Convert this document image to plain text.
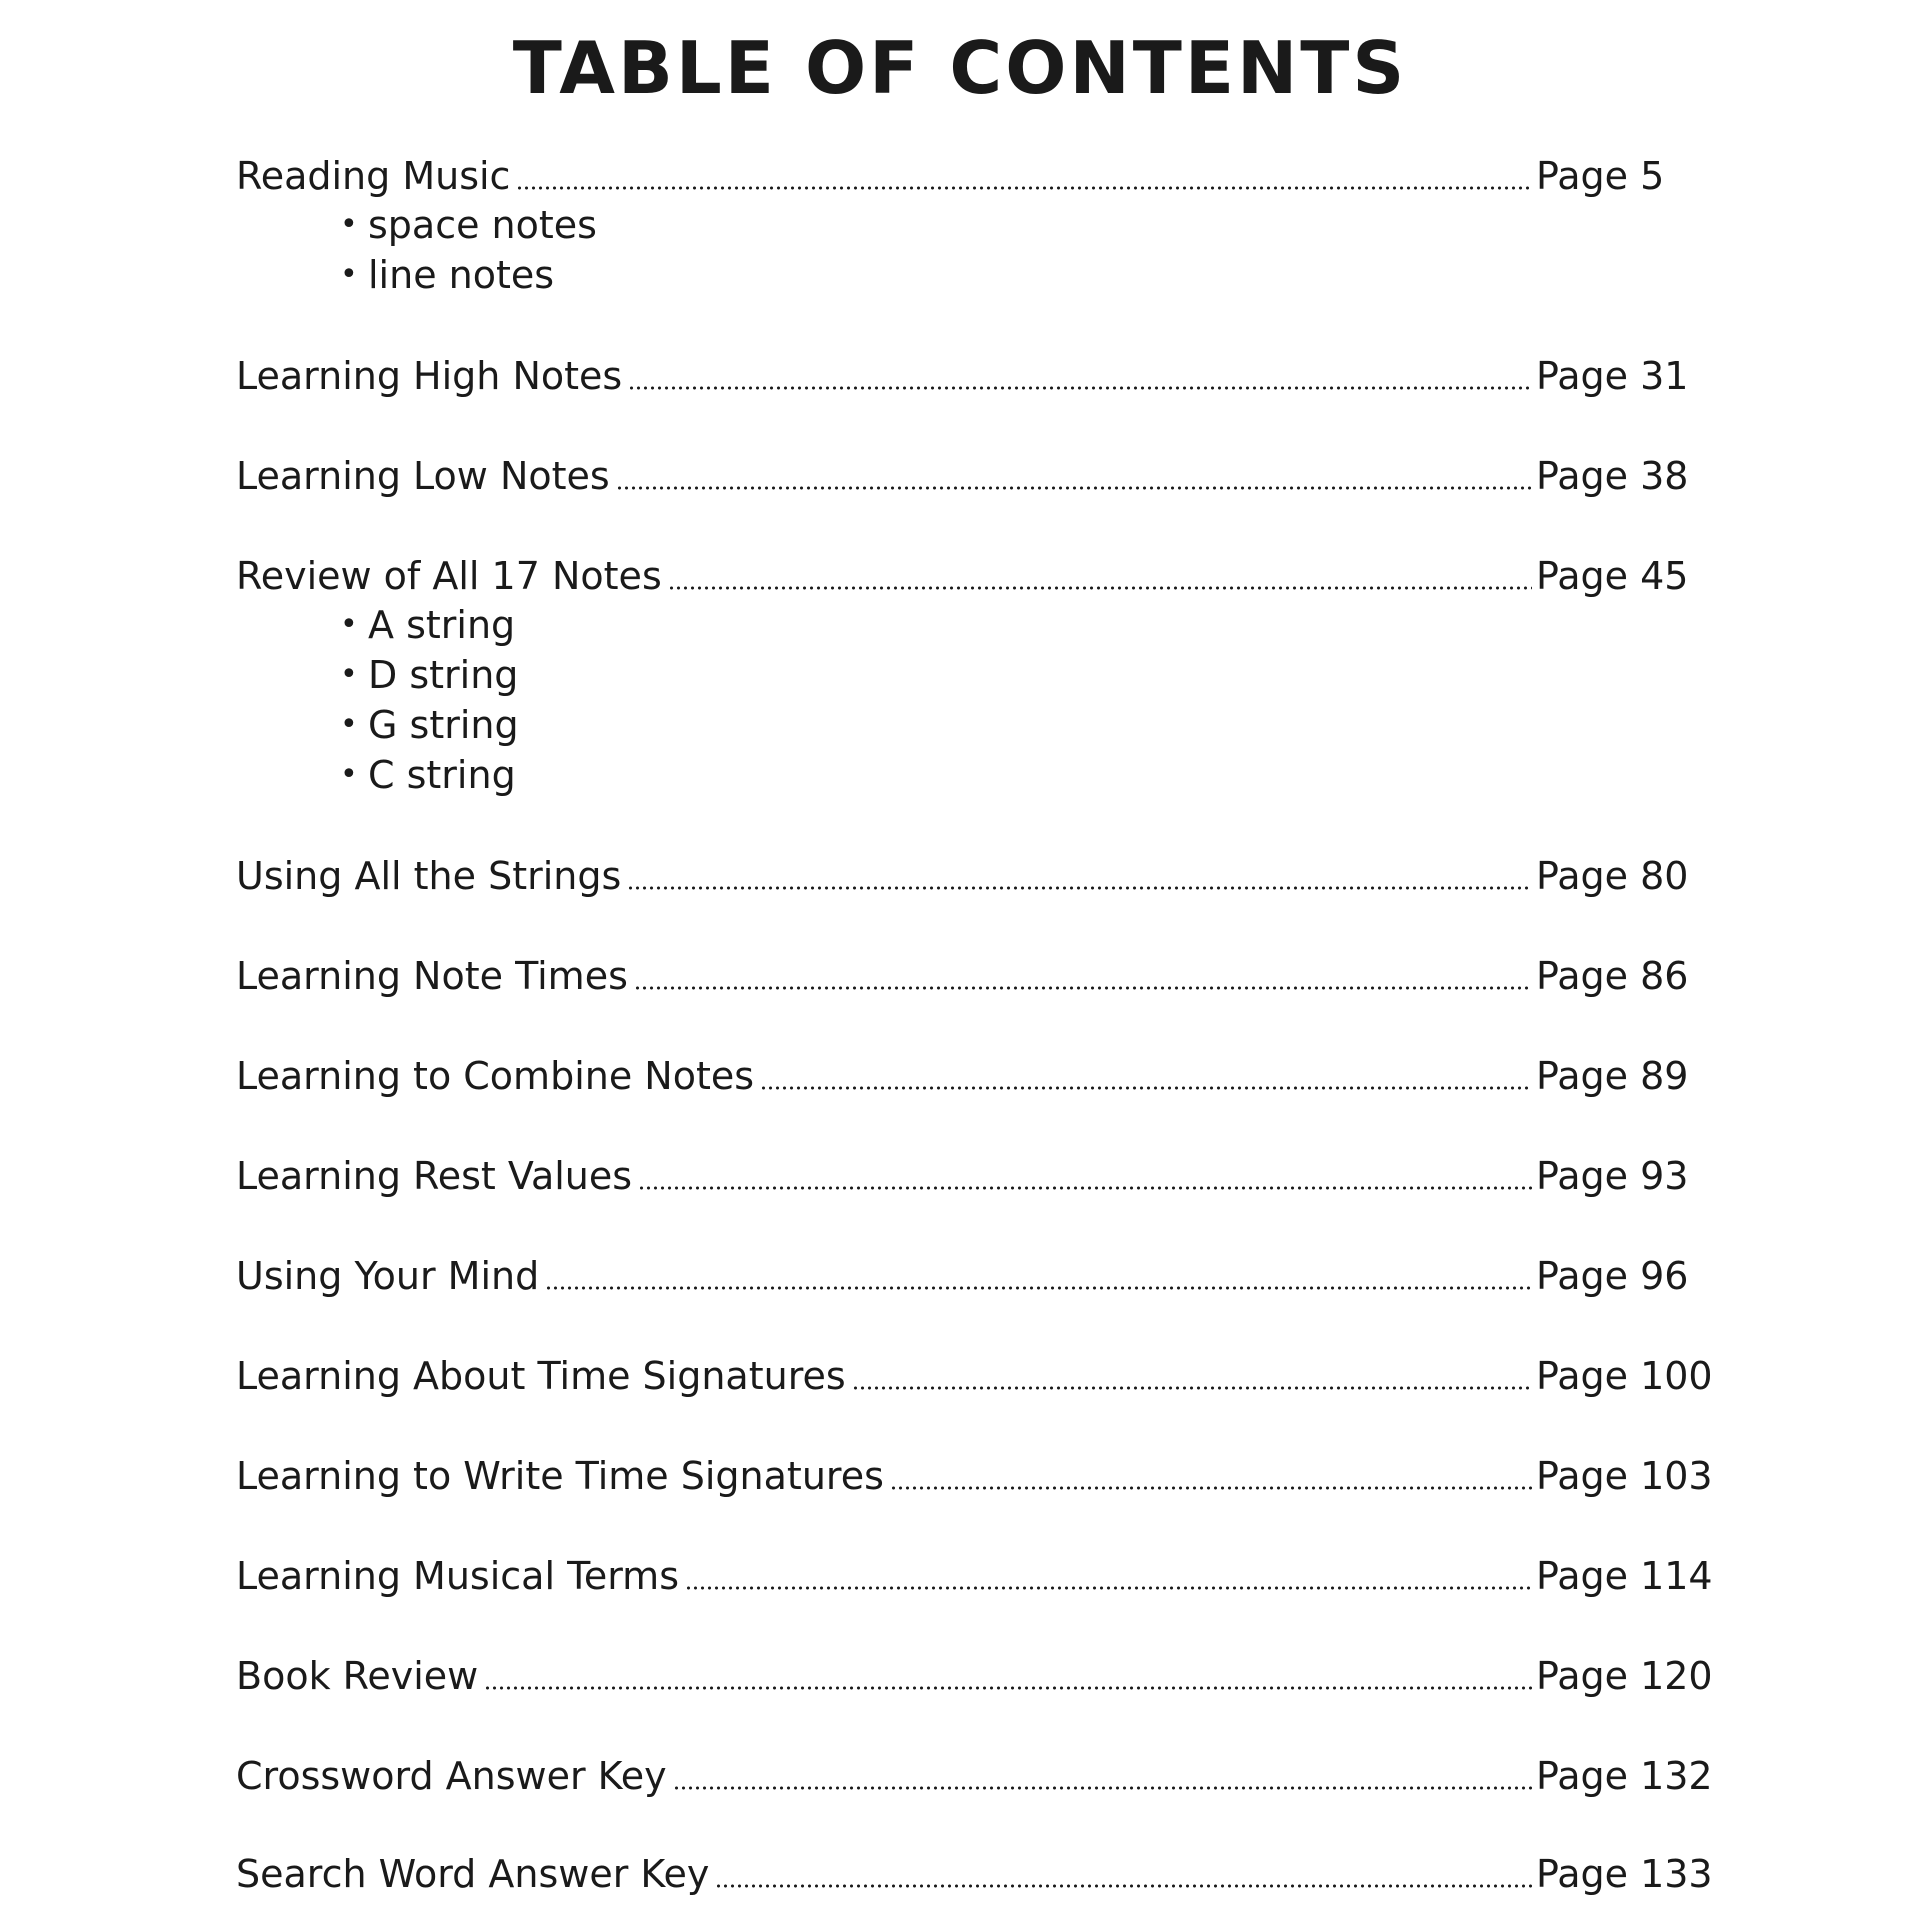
TABLE OF CONTENTS
Reading Music	Page 5
• space notes
• line notes
Learning High Notes	Page 31
Learning Low Notes	Page 38
Review of All 17 Notes	Page 45
• A string
• D string
• G string
• C string
Using All the Strings	Page 80
Learning Note Times	Page 86
Learning to Combine Notes	Page 89
Learning Rest Values	Page 93
Using Your Mind	Page 96
Learning About Time Signatures	Page 100
Learning to Write Time Signatures	Page 103
Learning Musical Terms	Page 114
Book Review	Page 120
Crossword Answer Key	Page 132
Search Word Answer Key	Page 133
